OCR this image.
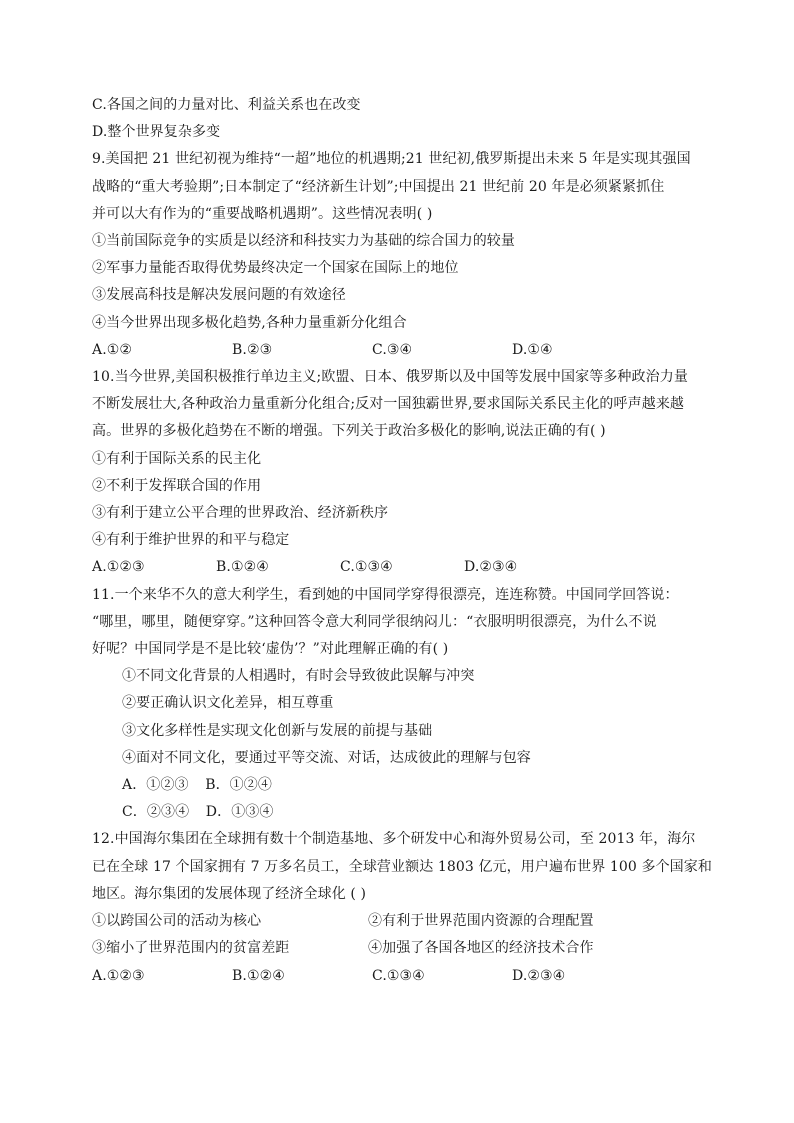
C.各国之间的力量对比、利益关系也在改变
D.整个世界复杂多变
9.美国把 21 世纪初视为维持“一超”地位的机遇期;21 世纪初,俄罗斯提出未来 5 年是实现其强国
战略的“重大考验期”;日本制定了“经济新生计划”;中国提出 21 世纪前 20 年是必须紧紧抓住
并可以大有作为的“重要战略机遇期”。这些情况表明( )
①当前国际竞争的实质是以经济和科技实力为基础的综合国力的较量
②军事力量能否取得优势最终决定一个国家在国际上的地位
③发展高科技是解决发展问题的有效途径
④当今世界出现多极化趋势,各种力量重新分化组合
A.①②	B.②③	C.③④	D.①④
10.当今世界,美国积极推行单边主义;欧盟、日本、俄罗斯以及中国等发展中国家等多种政治力量
不断发展壮大,各种政治力量重新分化组合;反对一国独霸世界,要求国际关系民主化的呼声越来越
高。世界的多极化趋势在不断的增强。下列关于政治多极化的影响,说法正确的有( )
①有利于国际关系的民主化
②不利于发挥联合国的作用
③有利于建立公平合理的世界政治、经济新秩序
④有利于维护世界的和平与稳定
A.①②③	B.①②④	C.①③④	D.②③④
11.一个来华不久的意大利学生，看到她的中国同学穿得很漂亮，连连称赞。中国同学回答说：
“哪里，哪里，随便穿穿。”这种回答令意大利同学很纳闷儿：“衣服明明很漂亮，为什么不说
好呢？中国同学是不是比较‘虚伪’？”对此理解正确的有( )
①不同文化背景的人相遇时，有时会导致彼此误解与冲突
②要正确认识文化差异，相互尊重
③文化多样性是实现文化创新与发展的前提与基础
④面对不同文化，要通过平等交流、对话，达成彼此的理解与包容
A．①②③ B．①②④
C．②③④ D．①③④
12.中国海尔集团在全球拥有数十个制造基地、多个研发中心和海外贸易公司，至 2013 年，海尔
已在全球 17 个国家拥有 7 万多名员工，全球营业额达 1803 亿元，用户遍布世界 100 多个国家和
地区。海尔集团的发展体现了经济全球化 ( )
①以跨国公司的活动为核心	②有利于世界范围内资源的合理配置
③缩小了世界范围内的贫富差距	④加强了各国各地区的经济技术合作
A.①②③	B.①②④	C.①③④	D.②③④
